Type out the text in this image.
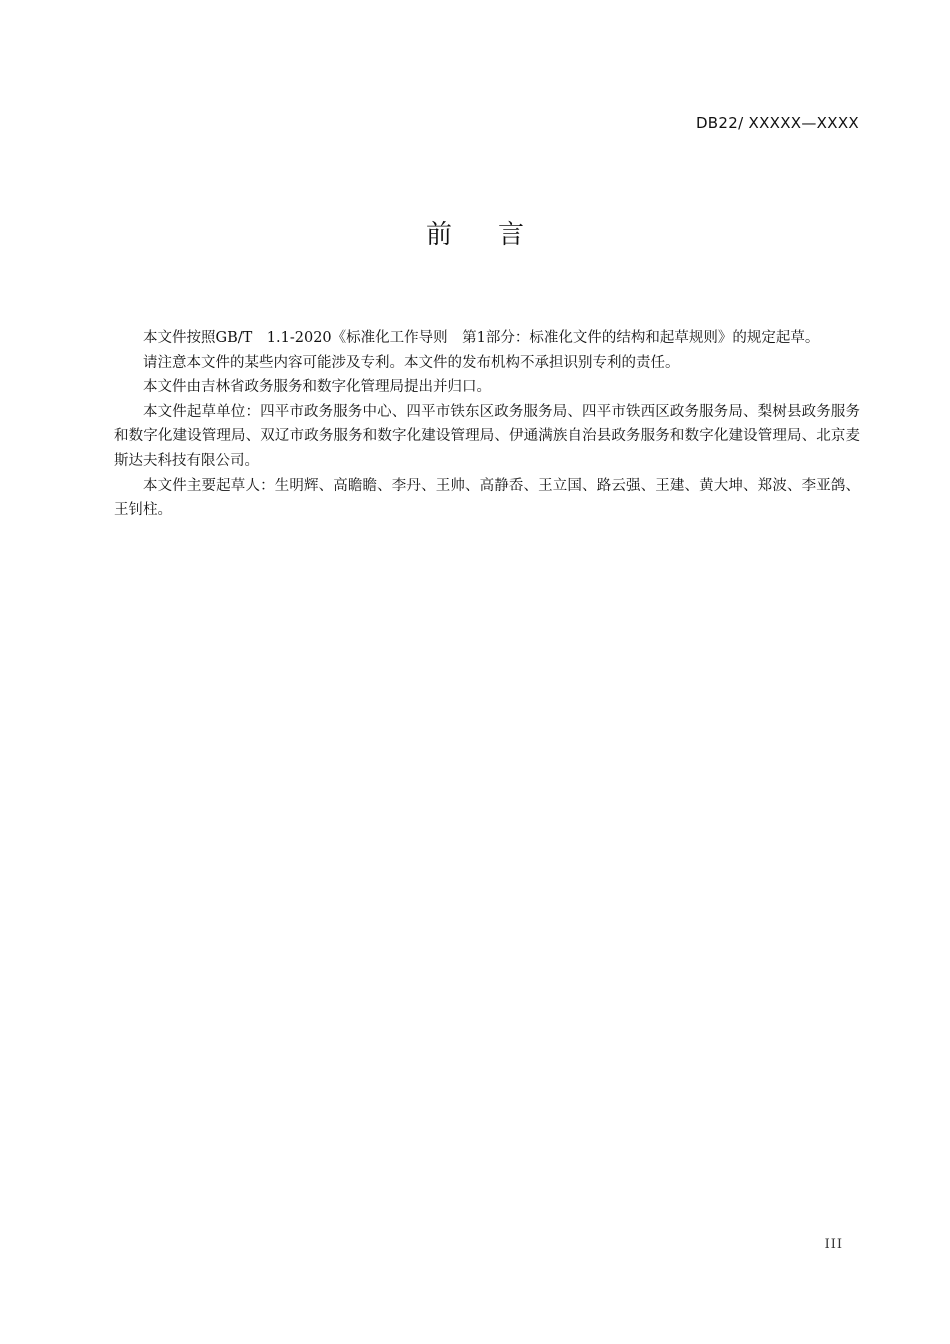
DB22/ XXXXX—XXXX
前 言

本文件按照GB/T　1.1-2020《标准化工作导则　第1部分：标准化文件的结构和起草规则》的规定起草。

请注意本文件的某些内容可能涉及专利。本文件的发布机构不承担识别专利的责任。

本文件由吉林省政务服务和数字化管理局提出并归口。

本文件起草单位：四平市政务服务中心、四平市铁东区政务服务局、四平市铁西区政务服务局、梨树县政务服务和数字化建设管理局、双辽市政务服务和数字化建设管理局、伊通满族自治县政务服务和数字化建设管理局、北京麦斯达夫科技有限公司。

本文件主要起草人：生明辉、高瞻瞻、李丹、王帅、高静岙、王立国、路云强、王建、黄大坤、郑波、李亚鸽、王钊柱。

III
